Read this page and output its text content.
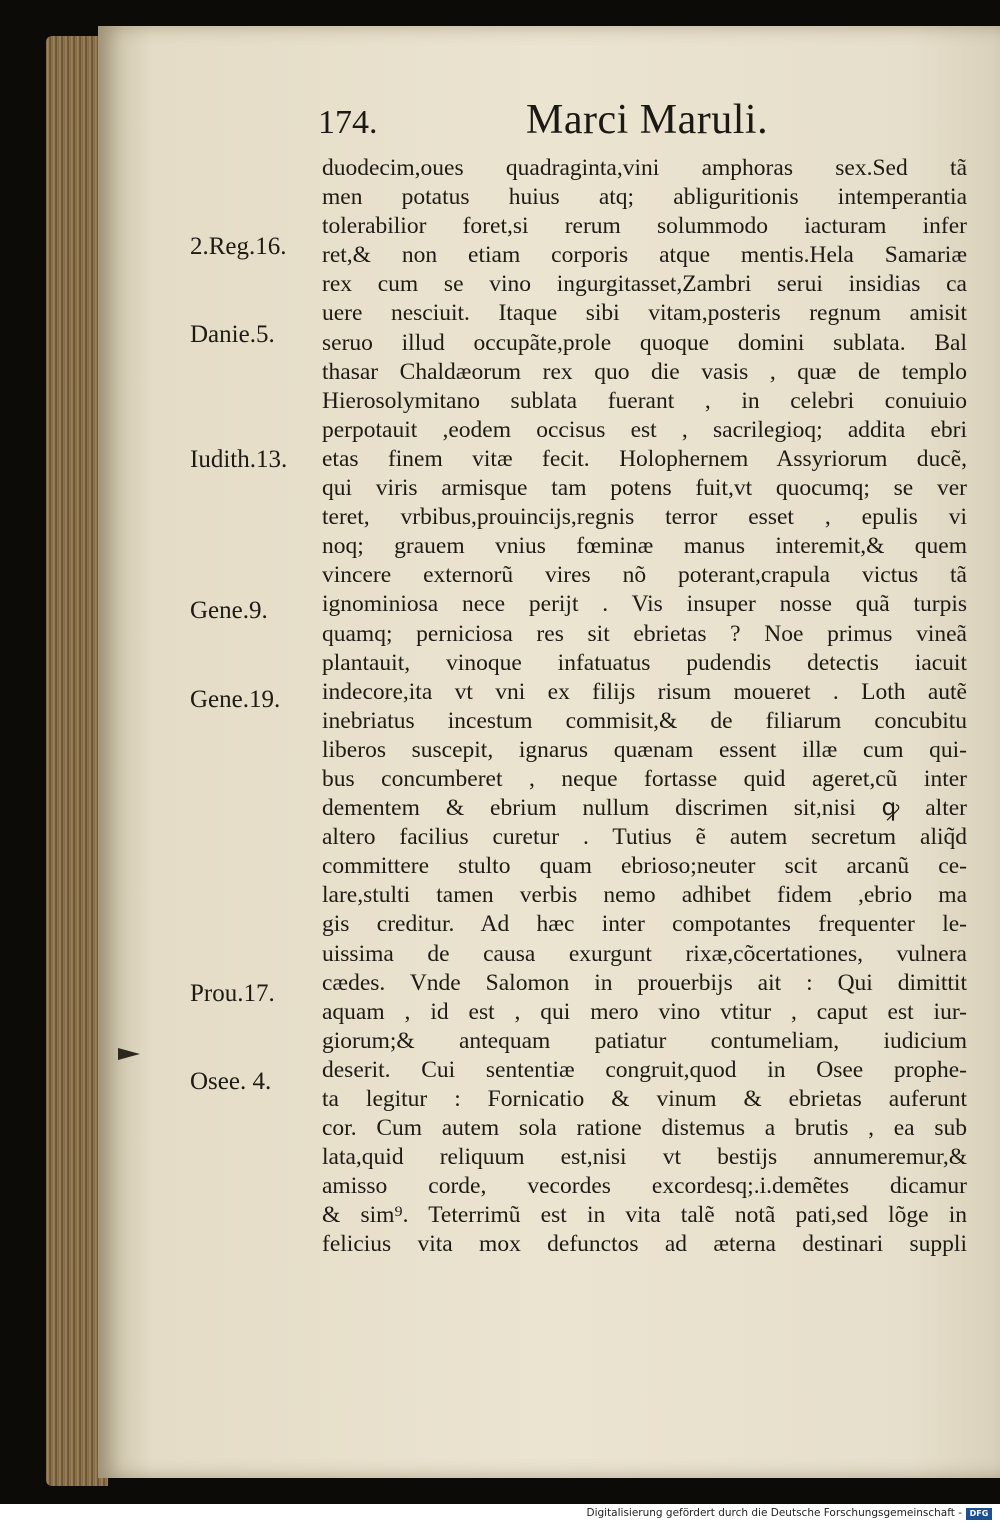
174.	Marci Maruli.
2.Reg.16.
Danie.5.
Iudith.13.
Gene.9.
Gene.19.
Prou.17.
Osee. 4.
duodecim,oues quadraginta,vini amphoras sex.Sed tã
men potatus huius atq; abliguritionis intemperantia
tolerabilior foret,si rerum solummodo iacturam infer
ret,& non etiam corporis atque mentis.Hela Samariæ
rex cum se vino ingurgitasset,Zambri serui insidias ca
uere nesciuit. Itaque sibi vitam,posteris regnum amisit
seruo illud occupãte,prole quoque domini sublata. Bal
thasar Chaldæorum rex quo die vasis , quæ de templo
Hierosolymitano sublata fuerant , in celebri conuiuio
perpotauit ,eodem occisus est , sacrilegioq; addita ebri
etas finem vitæ fecit. Holophernem Assyriorum ducẽ,
qui viris armisque tam potens fuit,vt quocumq; se ver
teret, vrbibus,prouincijs,regnis terror esset , epulis vi
noq; grauem vnius fœminæ manus interemit,& quem
vincere externorũ vires nõ poterant,crapula victus tã
ignominiosa nece perijt . Vis insuper nosse quã turpis
quamq; perniciosa res sit ebrietas ? Noe primus vineã
plantauit, vinoque infatuatus pudendis detectis iacuit
indecore,ita vt vni ex filijs risum moueret . Loth autẽ
inebriatus incestum commisit,& de filiarum concubitu
liberos suscepit, ignarus quænam essent illæ cum qui-
bus concumberet , neque fortasse quid ageret,cũ inter
dementem & ebrium nullum discrimen sit,nisi ꝙ alter
altero facilius curetur . Tutius ẽ autem secretum aliq̃d
committere stulto quam ebrioso;neuter scit arcanũ ce-
lare,stulti tamen verbis nemo adhibet fidem ,ebrio ma
gis creditur. Ad hæc inter compotantes frequenter le-
uissima de causa exurgunt rixæ,cõcertationes, vulnera
cædes. Vnde Salomon in prouerbijs ait : Qui dimittit
aquam , id est , qui mero vino vtitur , caput est iur-
giorum;& antequam patiatur contumeliam, iudicium
deserit. Cui sententiæ congruit,quod in Osee prophe-
ta legitur : Fornicatio & vinum & ebrietas auferunt
cor. Cum autem sola ratione distemus a brutis , ea sub
lata,quid reliquum est,nisi vt bestijs annumeremur,&
amisso corde, vecordes excordesq;.i.demẽtes dicamur
& sim⁹. Teterrimũ est in vita talẽ notã pati,sed lõge in
felicius vita mox defunctos ad æterna destinari suppli
Digitalisierung gefördert durch die Deutsche Forschungsgemeinschaft - DFG
